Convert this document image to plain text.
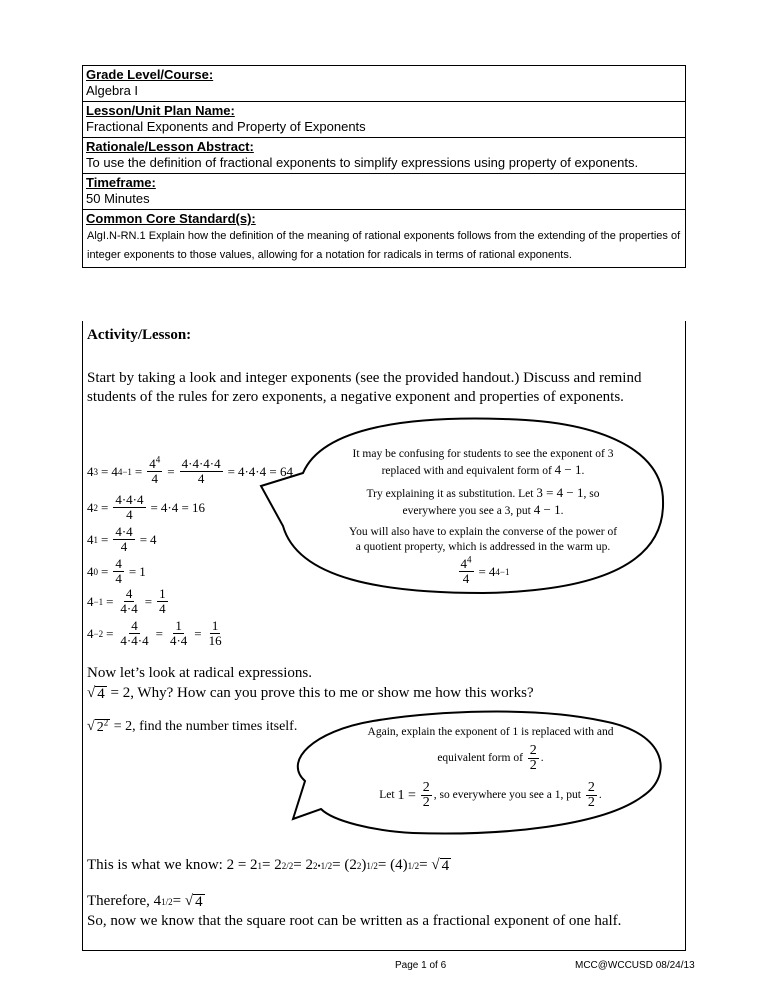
Grade Level/Course:
Algebra I
Lesson/Unit Plan Name:
Fractional Exponents and Property of Exponents
Rationale/Lesson Abstract:
To use the definition of fractional exponents to simplify expressions using property of exponents.
Timeframe:
50 Minutes
Common Core Standard(s):
AlgI.N-RN.1 Explain how the definition of the meaning of rational exponents follows from the extending of the properties of integer exponents to those values, allowing for a notation for radicals in terms of rational exponents.
Activity/Lesson:
Start by taking a look and integer exponents (see the provided handout.) Discuss and remind students of the rules for zero exponents, a negative exponent and properties of exponents.
4 3 = 4 $4-1 = \frac{4^4}{4} = \frac{4\cdot 4\cdot 4\cdot 4}{4} = 4\cdot 4\cdot 4 = 64$
4 $2 = \frac{4\cdot 4\cdot 4}{4} = 4\cdot 4 = 16$
4 $1 = \frac{4\cdot 4}{4} = 4$
4 $0 = \frac{4}{4} = 1$
$4 -1 = \frac{4}{4\cdot 4} = \frac{1}{4}$
$4 -2 = \frac{4}{4\cdot 4\cdot 4} = \frac{1}{4\cdot 4} = \frac{1}{16}$
It may be confusing for students to see the exponent of 3
replaced with and equivalent form of 4 − 1.
Try explaining it as substitution. Let 3 = 4 − 1, so
everywhere you see a 3, put 4 − 1.
You will also have to explain the converse of the power of
a quotient property, which is addressed in the warm up.
$\frac{4^4}{4} = 4$ 4−1
Now let’s look at radical expressions.
√ 4 = 2 , Why? How can you prove this to me or show me how this works?
√ $2^2 = 2$ , find the number times itself.	Again, explain the exponent of 1 is replaced with and
equivalent form of
$\frac{2}{2}$ .
Let
1 =
$\frac{2}{2}$ , so everywhere you see a 1, put
$\frac{2}{2}$ .
This is what we know: 2 = 2 1 = 2 2/2 = 2 2•1/2 = (2 2 ) 1/2 = (4) 1/2 = √ 4
Therefore, 4 1/2 = √ 4
So, now we know that the square root can be written as a fractional exponent of one half.
Page 1 of 6	MCC@WCCUSD 08/24/13
